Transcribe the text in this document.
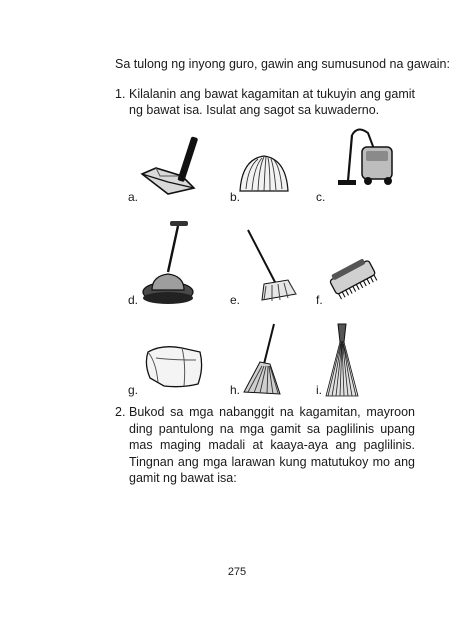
Sa tulong ng inyong guro, gawin ang sumusunod na gawain:
1. Kilalanin ang bawat kagamitan at tukuyin ang gamit ng bawat isa. Isulat ang sagot sa kuwaderno.
a.	b.	c.
d.	e.	f.
g.	h.	i.
2. Bukod sa mga nabanggit na kagamitan, mayroon ding pantulong na mga gamit sa paglilinis upang mas maging madali at kaaya-aya ang paglilinis. Tingnan ang mga larawan kung matutukoy mo ang gamit ng bawat isa:
275
